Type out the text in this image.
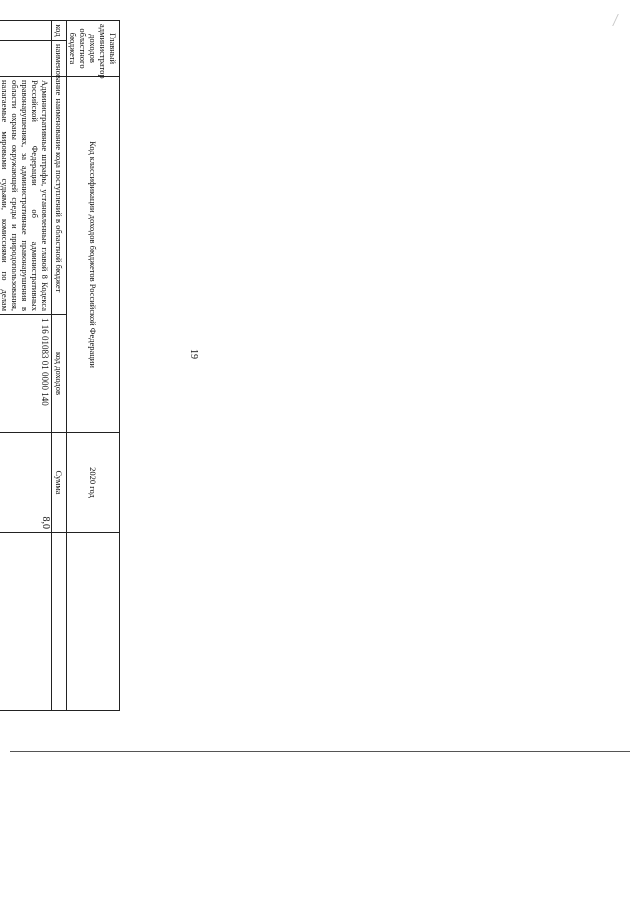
19
Главный администратор доходов областного бюджета		Код классификации доходов бюджетов Российской Федерации		2020 год	
код	наименование	наименование кода поступлений в областной бюджет	код доходов	Сумма	
		Административные штрафы, установленные главой 8 Кодекса Российской Федерации об административных правонарушениях, за административные правонарушения в области охраны окружающей среды и природопользования, налагаемые мировыми судьями, комиссиями по делам	1 16 01083 01 0000 140	8,0	
